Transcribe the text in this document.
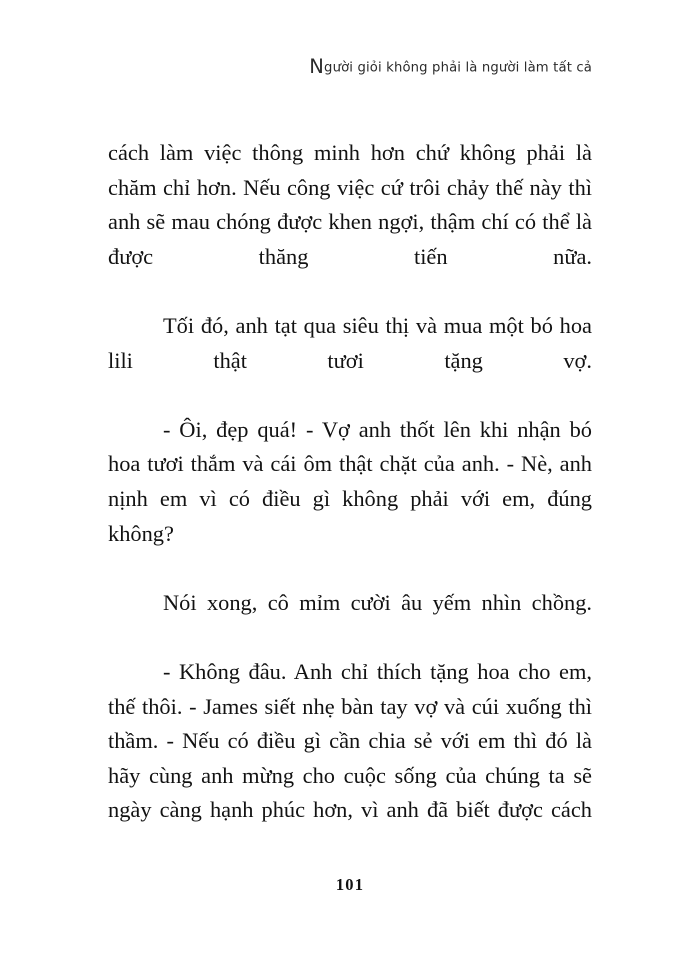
Người giỏi không phải là người làm tất cả

cách làm việc thông minh hơn chứ không phải là chăm chỉ hơn. Nếu công việc cứ trôi chảy thế này thì anh sẽ mau chóng được khen ngợi, thậm chí có thể là được thăng tiến nữa.

Tối đó, anh tạt qua siêu thị và mua một bó hoa lili thật tươi tặng vợ.

- Ôi, đẹp quá! - Vợ anh thốt lên khi nhận bó hoa tươi thắm và cái ôm thật chặt của anh. - Nè, anh nịnh em vì có điều gì không phải với em, đúng không?

Nói xong, cô mỉm cười âu yếm nhìn chồng.

- Không đâu. Anh chỉ thích tặng hoa cho em, thế thôi. - James siết nhẹ bàn tay vợ và cúi xuống thì thầm. - Nếu có điều gì cần chia sẻ với em thì đó là hãy cùng anh mừng cho cuộc sống của chúng ta sẽ ngày càng hạnh phúc hơn, vì anh đã biết được cách

101
